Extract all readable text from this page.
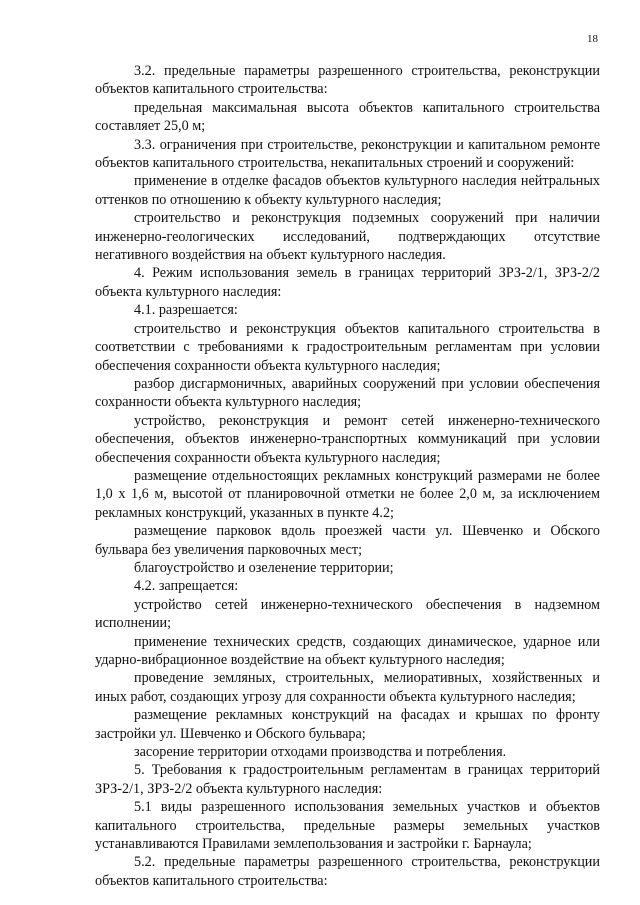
18

3.2. предельные параметры разрешенного строительства, реконструкции объектов капитального строительства:

предельная максимальная высота объектов капитального строительства составляет 25,0 м;

3.3. ограничения при строительстве, реконструкции и капитальном ремонте объектов капитального строительства, некапитальных строений и сооружений:

применение в отделке фасадов объектов культурного наследия нейтральных оттенков по отношению к объекту культурного наследия;

строительство и реконструкция подземных сооружений при наличии инженерно-геологических исследований, подтверждающих отсутствие негативного воздействия на объект культурного наследия.

4. Режим использования земель в границах территорий ЗРЗ-2/1, ЗРЗ-2/2 объекта культурного наследия:

4.1. разрешается:

строительство и реконструкция объектов капитального строительства в соответствии с требованиями к градостроительным регламентам при условии обеспечения сохранности объекта культурного наследия;

разбор дисгармоничных, аварийных сооружений при условии обеспечения сохранности объекта культурного наследия;

устройство, реконструкция и ремонт сетей инженерно-технического обеспечения, объектов инженерно-транспортных коммуникаций при условии обеспечения сохранности объекта культурного наследия;

размещение отдельностоящих рекламных конструкций размерами не более 1,0 х 1,6 м, высотой от планировочной отметки не более 2,0 м, за исключением рекламных конструкций, указанных в пункте 4.2;

размещение парковок вдоль проезжей части ул. Шевченко и Обского бульвара без увеличения парковочных мест;

благоустройство и озеленение территории;

4.2. запрещается:

устройство сетей инженерно-технического обеспечения в надземном исполнении;

применение технических средств, создающих динамическое, ударное или ударно-вибрационное воздействие на объект культурного наследия;

проведение земляных, строительных, мелиоративных, хозяйственных и иных работ, создающих угрозу для сохранности объекта культурного наследия;

размещение рекламных конструкций на фасадах и крышах по фронту застройки ул. Шевченко и Обского бульвара;

засорение территории отходами производства и потребления.

5. Требования к градостроительным регламентам в границах территорий ЗРЗ-2/1, ЗРЗ-2/2 объекта культурного наследия:

5.1 виды разрешенного использования земельных участков и объектов капитального строительства, предельные размеры земельных участков устанавливаются Правилами землепользования и застройки г. Барнаула;

5.2. предельные параметры разрешенного строительства, реконструкции объектов капитального строительства:
